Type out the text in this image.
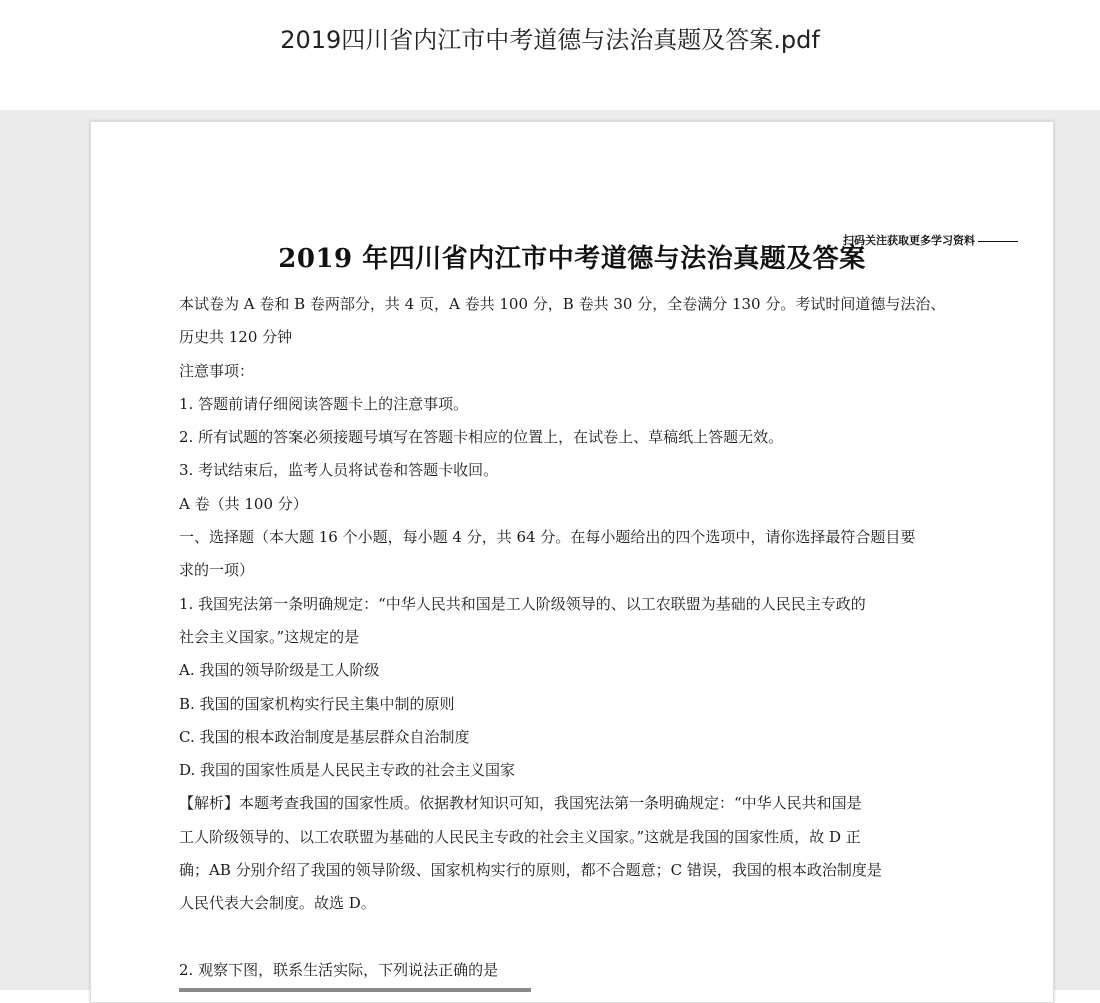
2019四川省内江市中考道德与法治真题及答案.pdf
扫码关注获取更多学习资料
2019 年四川省内江市中考道德与法治真题及答案
本试卷为 A 卷和 B 卷两部分，共 4 页，A 卷共 100 分，B 卷共 30 分，全卷满分 130 分。考试时间道德与法治、
历史共 120 分钟
注意事项：
1. 答题前请仔细阅读答题卡上的注意事项。
2. 所有试题的答案必须接题号填写在答题卡相应的位置上，在试卷上、草稿纸上答题无效。
3. 考试结束后，监考人员将试卷和答题卡收回。
A 卷（共 100 分）
一、选择题（本大题 16 个小题，每小题 4 分，共 64 分。在每小题给出的四个选项中，请你选择最符合题目要
求的一项）
1. 我国宪法第一条明确规定：“中华人民共和国是工人阶级领导的、以工农联盟为基础的人民民主专政的
社会主义国家。”这规定的是
A. 我国的领导阶级是工人阶级
B. 我国的国家机构实行民主集中制的原则
C. 我国的根本政治制度是基层群众自治制度
D. 我国的国家性质是人民民主专政的社会主义国家
【解析】本题考查我国的国家性质。依据教材知识可知，我国宪法第一条明确规定：“中华人民共和国是
工人阶级领导的、以工农联盟为基础的人民民主专政的社会主义国家。”这就是我国的国家性质，故 D 正
确；AB 分别介绍了我国的领导阶级、国家机构实行的原则，都不合题意；C 错误，我国的根本政治制度是
人民代表大会制度。故选 D。
2. 观察下图，联系生活实际，下列说法正确的是
